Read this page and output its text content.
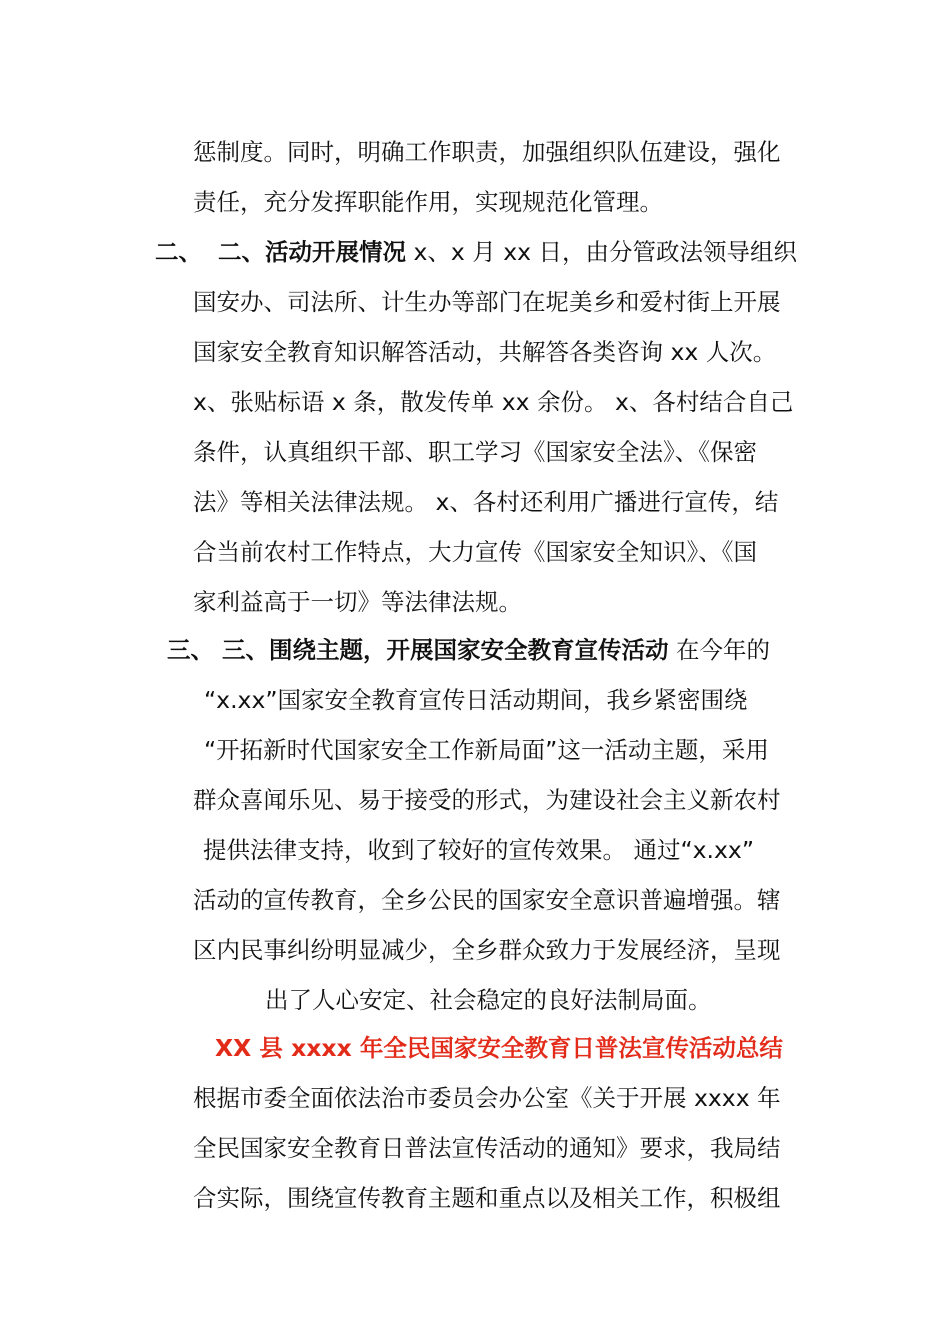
惩制度。同时，明确工作职责，加强组织队伍建设，强化
责任，充分发挥职能作用，实现规范化管理。
二、 二、活动开展情况 x、x 月 xx 日，由分管政法领导组织
国安办、司法所、计生办等部门在坭美乡和爱村街上开展
国家安全教育知识解答活动，共解答各类咨询 xx 人次。
x、张贴标语 x 条，散发传单 xx 余份。 x、各村结合自己
条件，认真组织干部、职工学习《国家安全法》、《保密
法》等相关法律法规。 x、各村还利用广播进行宣传，结
合当前农村工作特点，大力宣传《国家安全知识》、《国
家利益高于一切》等法律法规。
三、 三、围绕主题，开展国家安全教育宣传活动 在今年的
“x.xx”国家安全教育宣传日活动期间，我乡紧密围绕
“开拓新时代国家安全工作新局面”这一活动主题，采用
群众喜闻乐见、易于接受的形式，为建设社会主义新农村
提供法律支持，收到了较好的宣传效果。 通过“x.xx”
活动的宣传教育，全乡公民的国家安全意识普遍增强。辖
区内民事纠纷明显减少，全乡群众致力于发展经济，呈现
出了人心安定、社会稳定的良好法制局面。
XX 县 xxxx 年全民国家安全教育日普法宣传活动总结
根据市委全面依法治市委员会办公室《关于开展 xxxx 年
全民国家安全教育日普法宣传活动的通知》要求，我局结
合实际，围绕宣传教育主题和重点以及相关工作，积极组
